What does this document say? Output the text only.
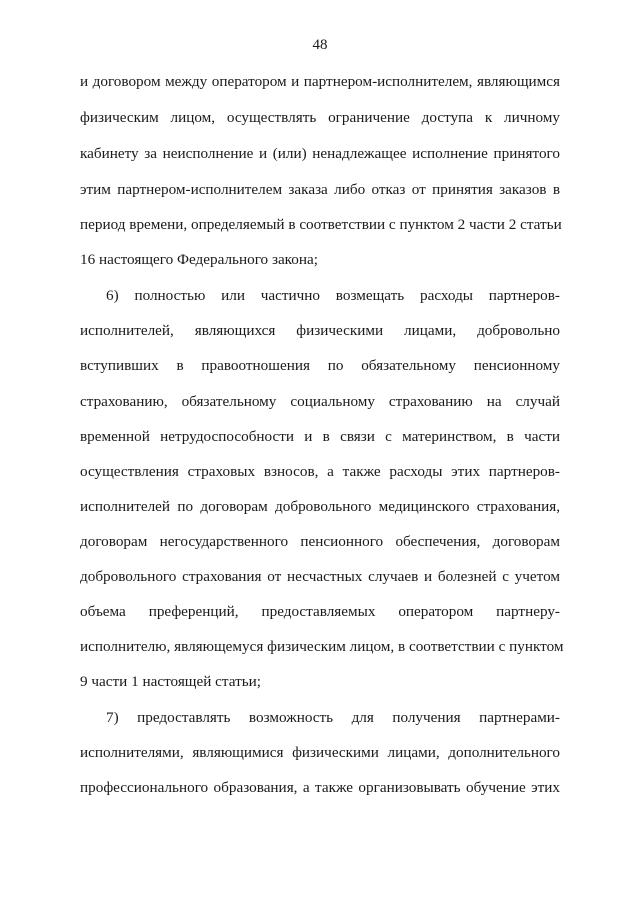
48
и договором между оператором и партнером-исполнителем, являющимся
физическим лицом, осуществлять ограничение доступа к личному
кабинету за неисполнение и (или) ненадлежащее исполнение принятого
этим партнером-исполнителем заказа либо отказ от принятия заказов в
период времени, определяемый в соответствии с пунктом 2 части 2 статьи
16 настоящего Федерального закона;
6) полностью или частично возмещать расходы партнеров-
исполнителей, являющихся физическими лицами, добровольно
вступивших в правоотношения по обязательному пенсионному
страхованию, обязательному социальному страхованию на случай
временной нетрудоспособности и в связи с материнством, в части
осуществления страховых взносов, а также расходы этих партнеров-
исполнителей по договорам добровольного медицинского страхования,
договорам негосударственного пенсионного обеспечения, договорам
добровольного страхования от несчастных случаев и болезней с учетом
объема преференций, предоставляемых оператором партнеру-
исполнителю, являющемуся физическим лицом, в соответствии с пунктом
9 части 1 настоящей статьи;
7) предоставлять возможность для получения партнерами-
исполнителями, являющимися физическими лицами, дополнительного
профессионального образования, а также организовывать обучение этих
